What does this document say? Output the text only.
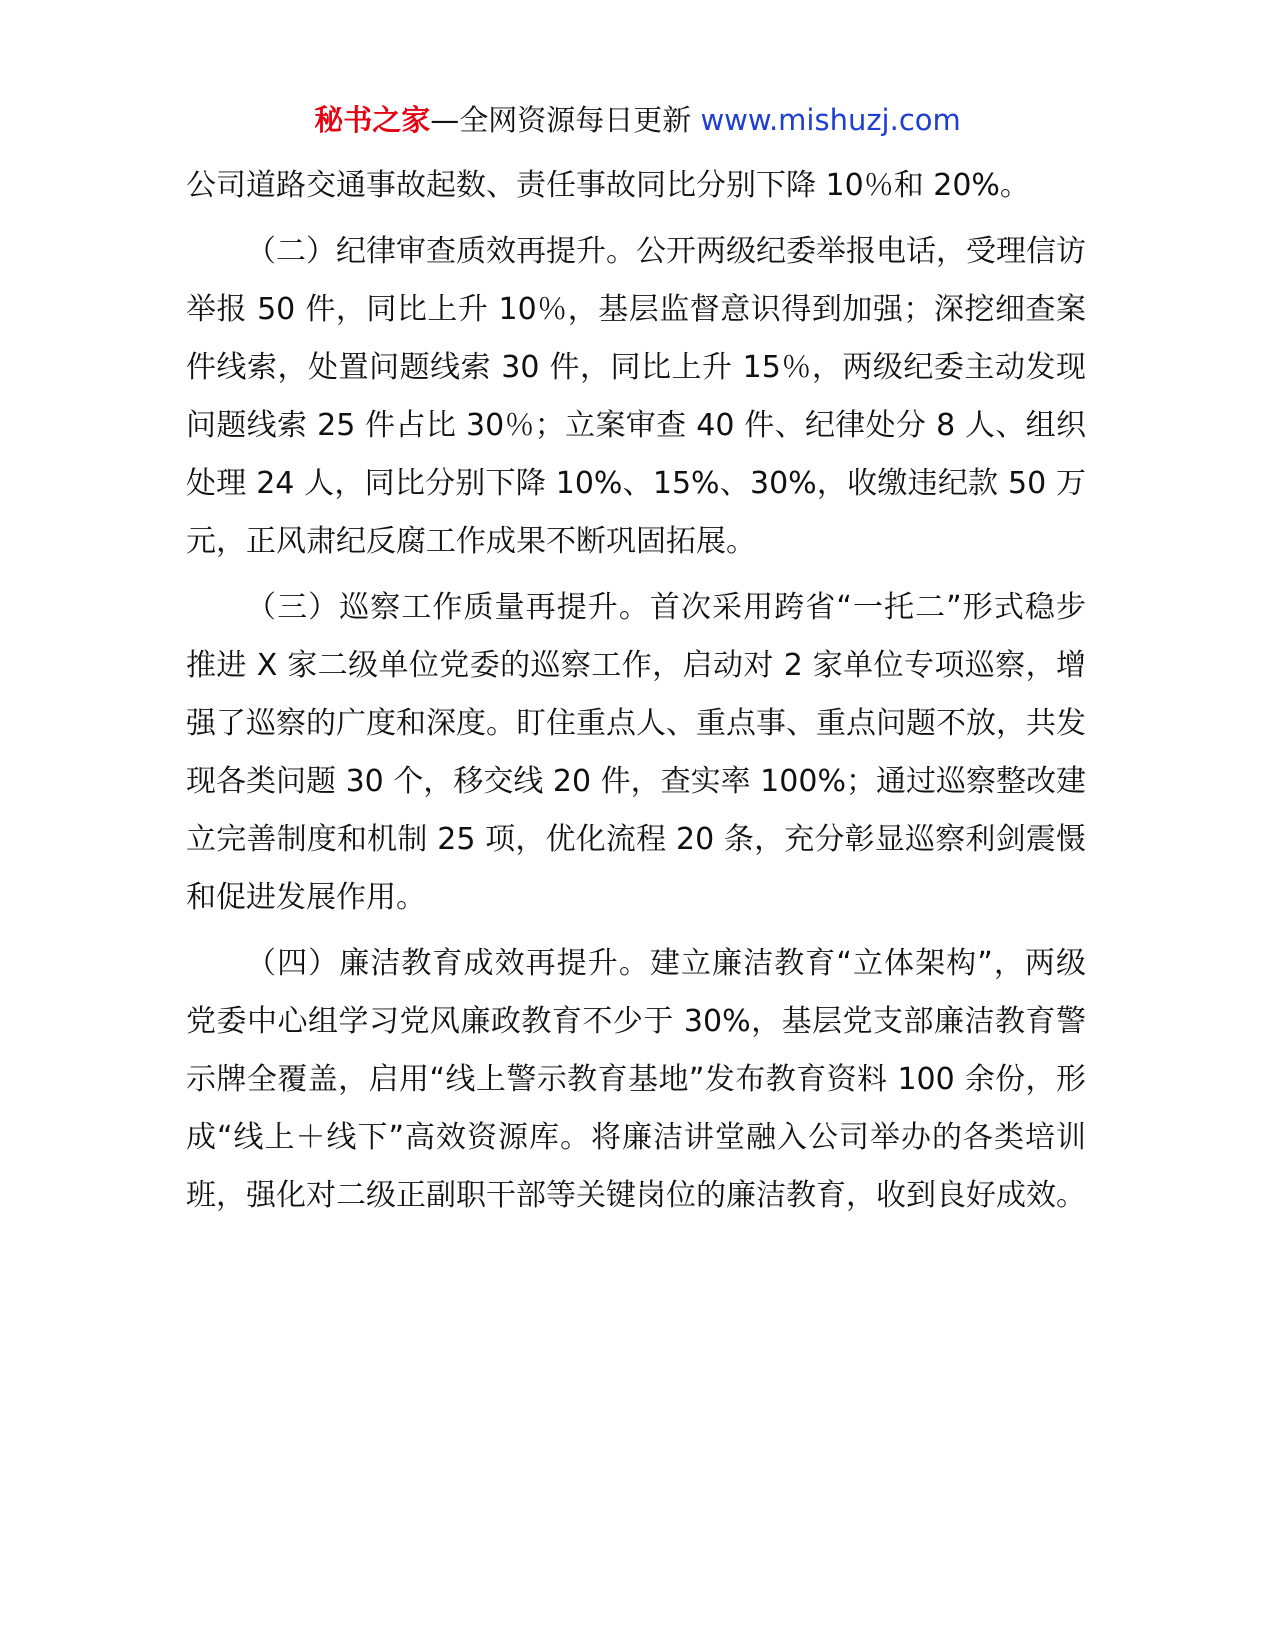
秘书之家—全网资源每日更新 www.mishuzj.com

公司道路交通事故起数、责任事故同比分别下降 10％和 20%。

（二）纪律审查质效再提升。公开两级纪委举报电话，受理信访举报 50 件，同比上升 10％，基层监督意识得到加强；深挖细查案件线索，处置问题线索 30 件，同比上升 15％，两级纪委主动发现问题线索 25 件占比 30％；立案审查 40 件、纪律处分 8 人、组织处理 24 人，同比分别下降 10%、15%、30%，收缴违纪款 50 万元，正风肃纪反腐工作成果不断巩固拓展。

（三）巡察工作质量再提升。首次采用跨省“一托二”形式稳步推进 X 家二级单位党委的巡察工作，启动对 2 家单位专项巡察，增强了巡察的广度和深度。盯住重点人、重点事、重点问题不放，共发现各类问题 30 个，移交线 20 件，查实率 100%；通过巡察整改建立完善制度和机制 25 项，优化流程 20 条，充分彰显巡察利剑震慑和促进发展作用。

（四）廉洁教育成效再提升。建立廉洁教育“立体架构”，两级党委中心组学习党风廉政教育不少于 30%，基层党支部廉洁教育警示牌全覆盖，启用“线上警示教育基地”发布教育资料 100 余份，形成“线上＋线下”高效资源库。将廉洁讲堂融入公司举办的各类培训班，强化对二级正副职干部等关键岗位的廉洁教育，收到良好成效。
